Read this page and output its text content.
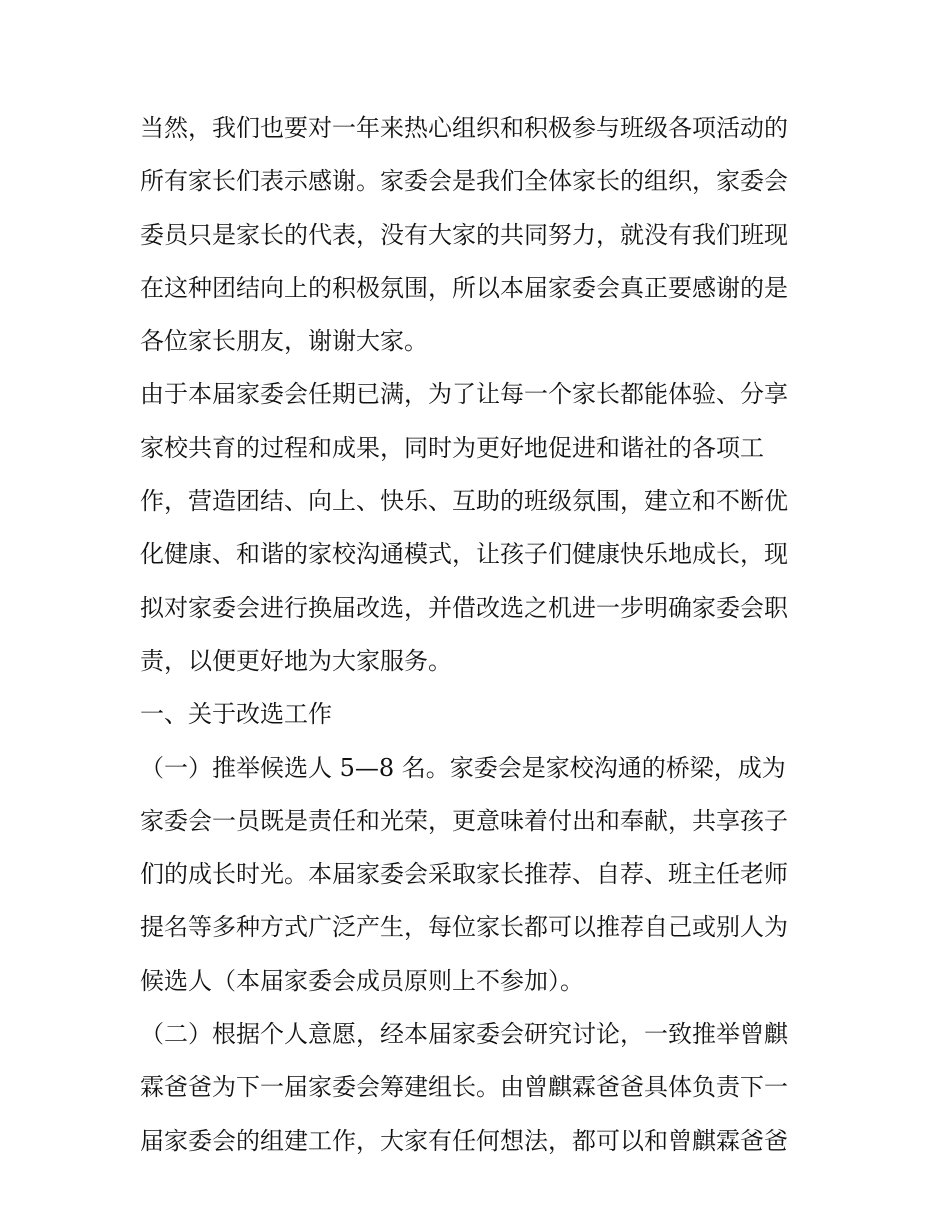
当然，我们也要对一年来热心组织和积极参与班级各项活动的
所有家长们表示感谢。家委会是我们全体家长的组织，家委会
委员只是家长的代表，没有大家的共同努力，就没有我们班现
在这种团结向上的积极氛围，所以本届家委会真正要感谢的是
各位家长朋友，谢谢大家。
由于本届家委会任期已满，为了让每一个家长都能体验、分享
家校共育的过程和成果，同时为更好地促进和谐社的各项工
作，营造团结、向上、快乐、互助的班级氛围，建立和不断优
化健康、和谐的家校沟通模式，让孩子们健康快乐地成长，现
拟对家委会进行换届改选，并借改选之机进一步明确家委会职
责，以便更好地为大家服务。
一、关于改选工作
（一）推举候选人 5—8 名。家委会是家校沟通的桥梁，成为
家委会一员既是责任和光荣，更意味着付出和奉献，共享孩子
们的成长时光。本届家委会采取家长推荐、自荐、班主任老师
提名等多种方式广泛产生，每位家长都可以推荐自己或别人为
候选人（本届家委会成员原则上不参加）。
（二）根据个人意愿，经本届家委会研究讨论，一致推举曾麒
霖爸爸为下一届家委会筹建组长。由曾麒霖爸爸具体负责下一
届家委会的组建工作，大家有任何想法，都可以和曾麒霖爸爸
